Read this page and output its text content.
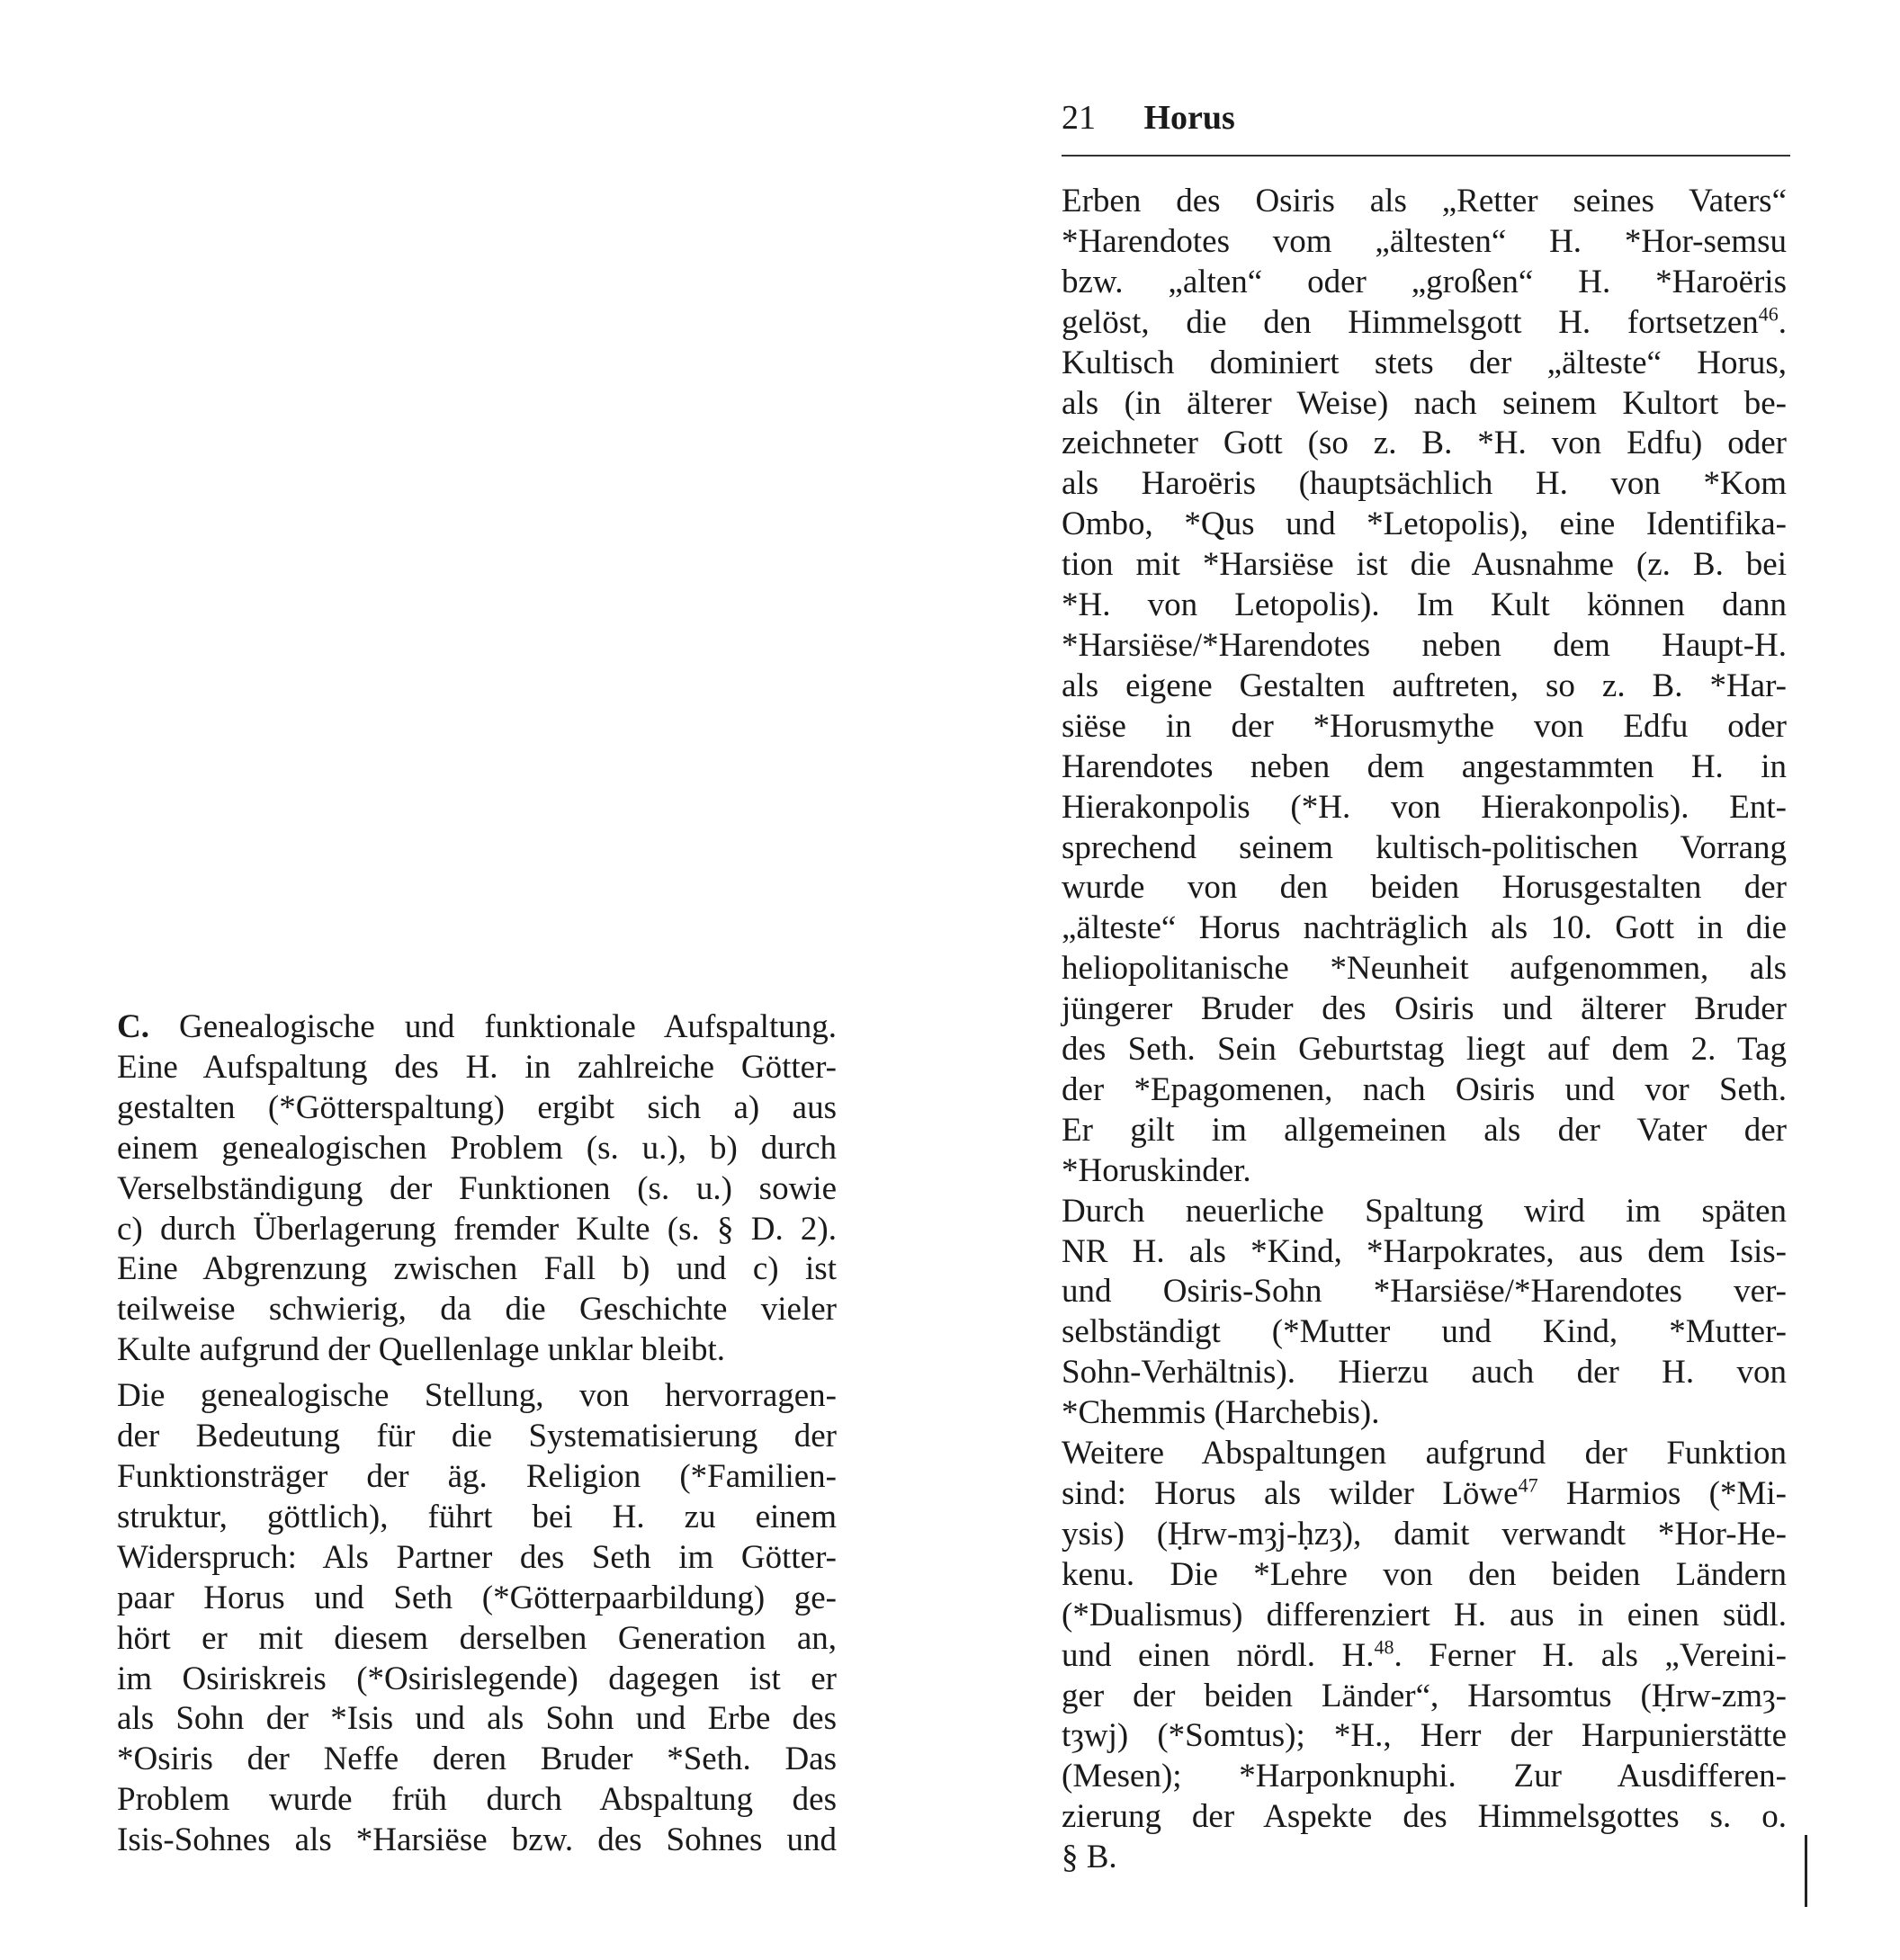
21 Horus
C. Genealogische und funktionale Aufspaltung.
Eine Aufspaltung des H. in zahlreiche Götter-
gestalten (*Götterspaltung) ergibt sich a) aus
einem genealogischen Problem (s. u.), b) durch
Verselbständigung der Funktionen (s. u.) sowie
c) durch Überlagerung fremder Kulte (s. § D. 2).
Eine Abgrenzung zwischen Fall b) und c) ist
teilweise schwierig, da die Geschichte vieler
Kulte aufgrund der Quellenlage unklar bleibt.
Die genealogische Stellung, von hervorragen-
der Bedeutung für die Systematisierung der
Funktionsträger der äg. Religion (*Familien-
struktur, göttlich), führt bei H. zu einem
Widerspruch: Als Partner des Seth im Götter-
paar Horus und Seth (*Götterpaarbildung) ge-
hört er mit diesem derselben Generation an,
im Osiriskreis (*Osirislegende) dagegen ist er
als Sohn der *Isis und als Sohn und Erbe des
*Osiris der Neffe deren Bruder *Seth. Das
Problem wurde früh durch Abspaltung des
Isis-Sohnes als *Harsiëse bzw. des Sohnes und
Erben des Osiris als „Retter seines Vaters“
*Harendotes vom „ältesten“ H. *Hor-semsu
bzw. „alten“ oder „großen“ H. *Haroëris
gelöst, die den Himmelsgott H. fortsetzen$^{46}$.
Kultisch dominiert stets der „älteste“ Horus,
als (in älterer Weise) nach seinem Kultort be-
zeichneter Gott (so z. B. *H. von Edfu) oder
als Haroëris (hauptsächlich H. von *Kom
Ombo, *Qus und *Letopolis), eine Identifika-
tion mit *Harsiëse ist die Ausnahme (z. B. bei
*H. von Letopolis). Im Kult können dann
*Harsiëse/*Harendotes neben dem Haupt-H.
als eigene Gestalten auftreten, so z. B. *Har-
siëse in der *Horusmythe von Edfu oder
Harendotes neben dem angestammten H. in
Hierakonpolis (*H. von Hierakonpolis). Ent-
sprechend seinem kultisch-politischen Vorrang
wurde von den beiden Horusgestalten der
„älteste“ Horus nachträglich als 10. Gott in die
heliopolitanische *Neunheit aufgenommen, als
jüngerer Bruder des Osiris und älterer Bruder
des Seth. Sein Geburtstag liegt auf dem 2. Tag
der *Epagomenen, nach Osiris und vor Seth.
Er gilt im allgemeinen als der Vater der
*Horuskinder.
Durch neuerliche Spaltung wird im späten
NR H. als *Kind, *Harpokrates, aus dem Isis-
und Osiris-Sohn *Harsiëse/*Harendotes ver-
selbständigt (*Mutter und Kind, *Mutter-
Sohn-Verhältnis). Hierzu auch der H. von
*Chemmis (Harchebis).
Weitere Abspaltungen aufgrund der Funktion
sind: Horus als wilder Löwe$^{47}$ Harmios (*Mi-
ysis) (Ḥrw-mȝj-ḥzȝ), damit verwandt *Hor-He-
kenu. Die *Lehre von den beiden Ländern
(*Dualismus) differenziert H. aus in einen südl.
und einen nördl. H.$^{48}$. Ferner H. als „Vereini-
ger der beiden Länder“, Harsomtus (Ḥrw-zmȝ-
tȝwj) (*Somtus); *H., Herr der Harpunierstätte
(Mesen); *Harponknuphi. Zur Ausdifferen-
zierung der Aspekte des Himmelsgottes s. o.
§ B.
